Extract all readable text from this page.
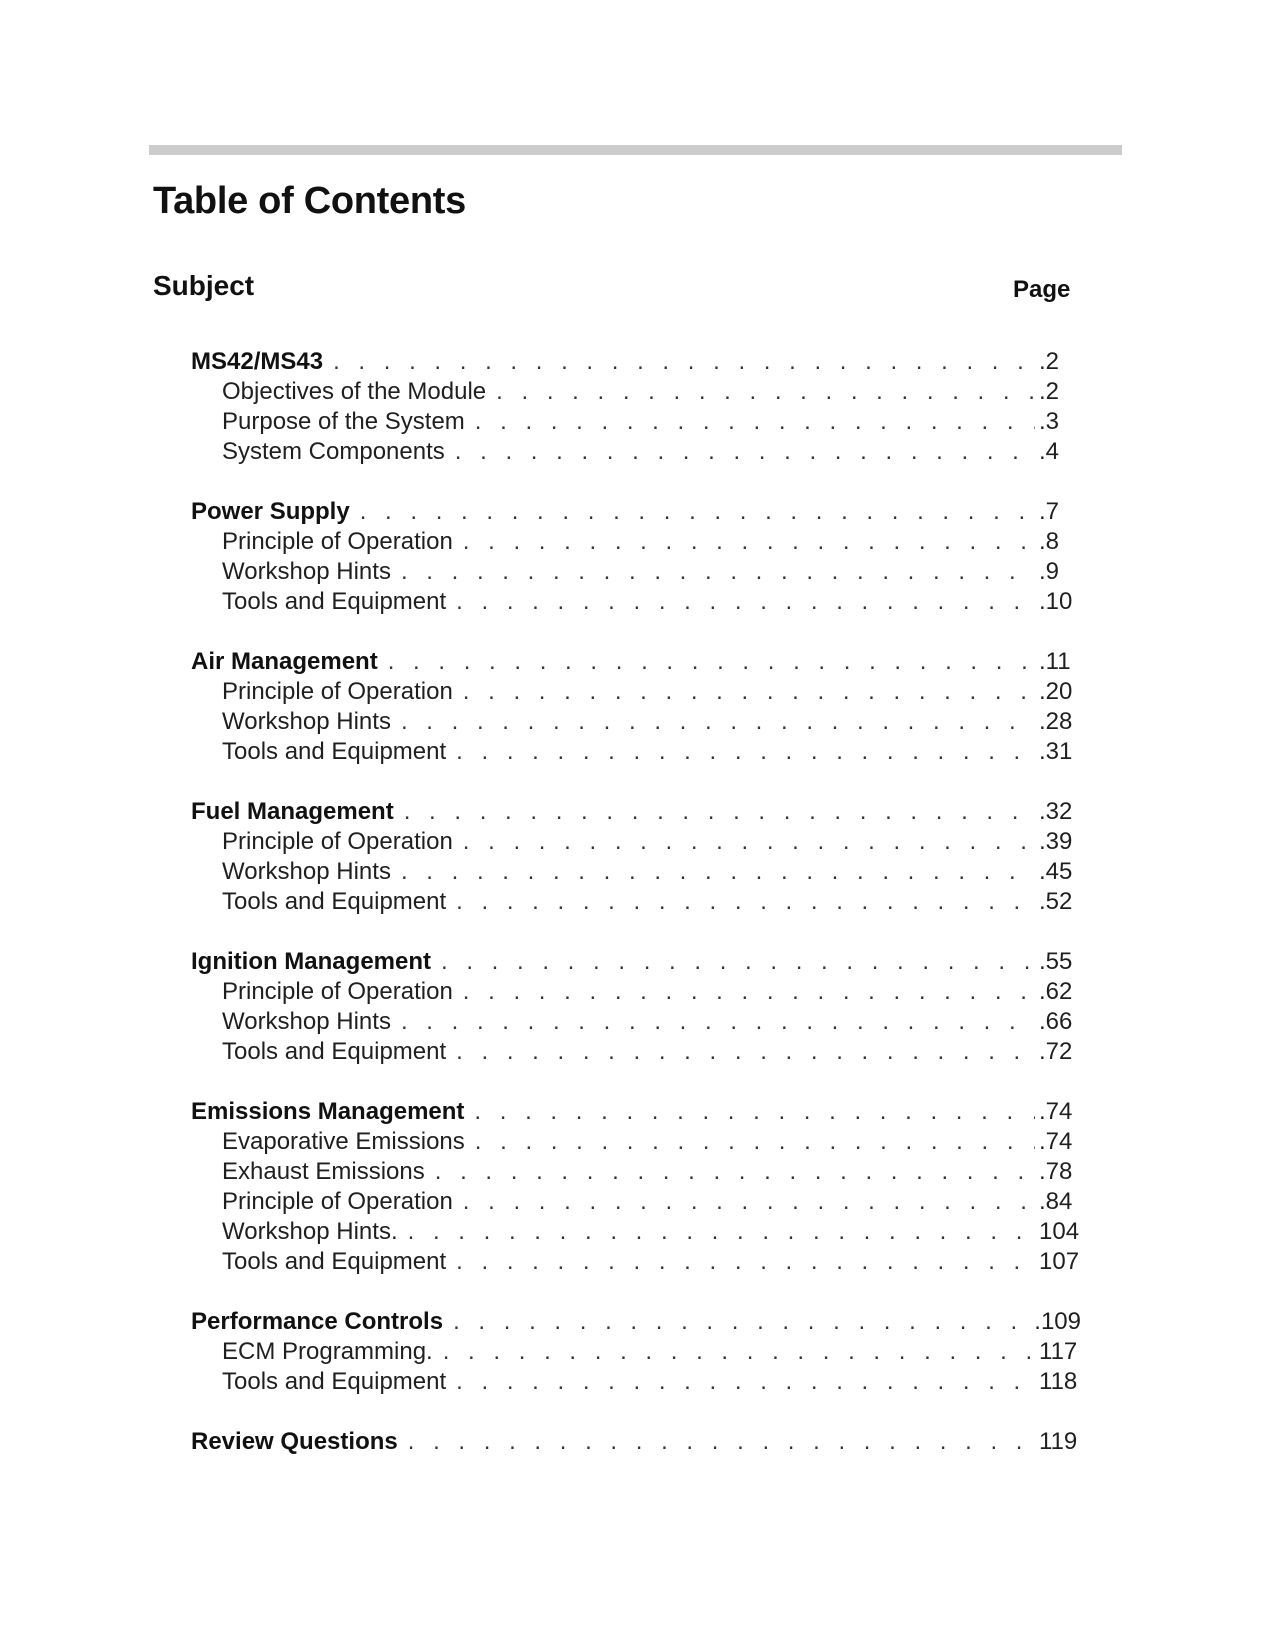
Table of Contents
Subject	Page
MS42/MS43 . . .	.2
Objectives of the Module . . .	.2
Purpose of the System . . .	.3
System Components . . .	.4
Power Supply . . .	.7
Principle of Operation . . .	.8
Workshop Hints . . .	.9
Tools and Equipment . . .	.10
Air Management . . .	.11
Principle of Operation . . .	.20
Workshop Hints . . .	.28
Tools and Equipment . . .	.31
Fuel Management . . .	.32
Principle of Operation . . .	.39
Workshop Hints . . .	.45
Tools and Equipment . . .	.52
Ignition Management . . .	.55
Principle of Operation . . .	.62
Workshop Hints . . .	.66
Tools and Equipment . . .	.72
Emissions Management . . .	.74
Evaporative Emissions . . .	.74
Exhaust Emissions . . .	.78
Principle of Operation . . .	.84
Workshop Hints. . . .	104
Tools and Equipment . . .	107
Performance Controls . . .	.109
ECM Programming. . . .	117
Tools and Equipment . . .	118
Review Questions . . .	119
